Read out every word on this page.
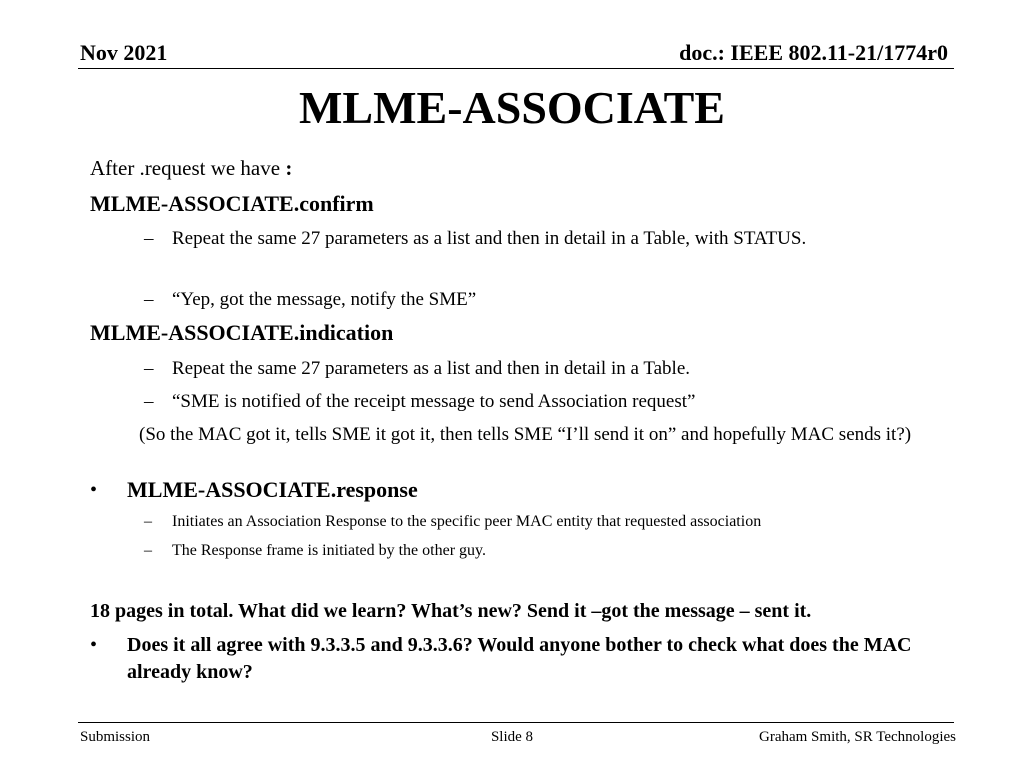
Nov 2021	doc.: IEEE 802.11-21/1774r0
MLME-ASSOCIATE
After .request we have :
MLME-ASSOCIATE.confirm
– Repeat the same 27 parameters as a list and then in detail in a Table, with STATUS.
– “Yep, got the message, notify the SME”
MLME-ASSOCIATE.indication
– Repeat the same 27 parameters as a list and then in detail in a Table.
– “SME is notified of the receipt message to send Association request”
(So the MAC got it, tells SME it got it, then tells SME “I’ll send it on” and hopefully MAC sends it?)
• MLME-ASSOCIATE.response
– Initiates an Association Response to the specific peer MAC entity that requested association
– The Response frame is initiated by the other guy.
18 pages in total. What did we learn? What’s new? Send it –got the message – sent it.
• Does it all agree with 9.3.3.5 and 9.3.3.6? Would anyone bother to check what does the MAC already know?
Submission	Slide 8	Graham Smith, SR Technologies
